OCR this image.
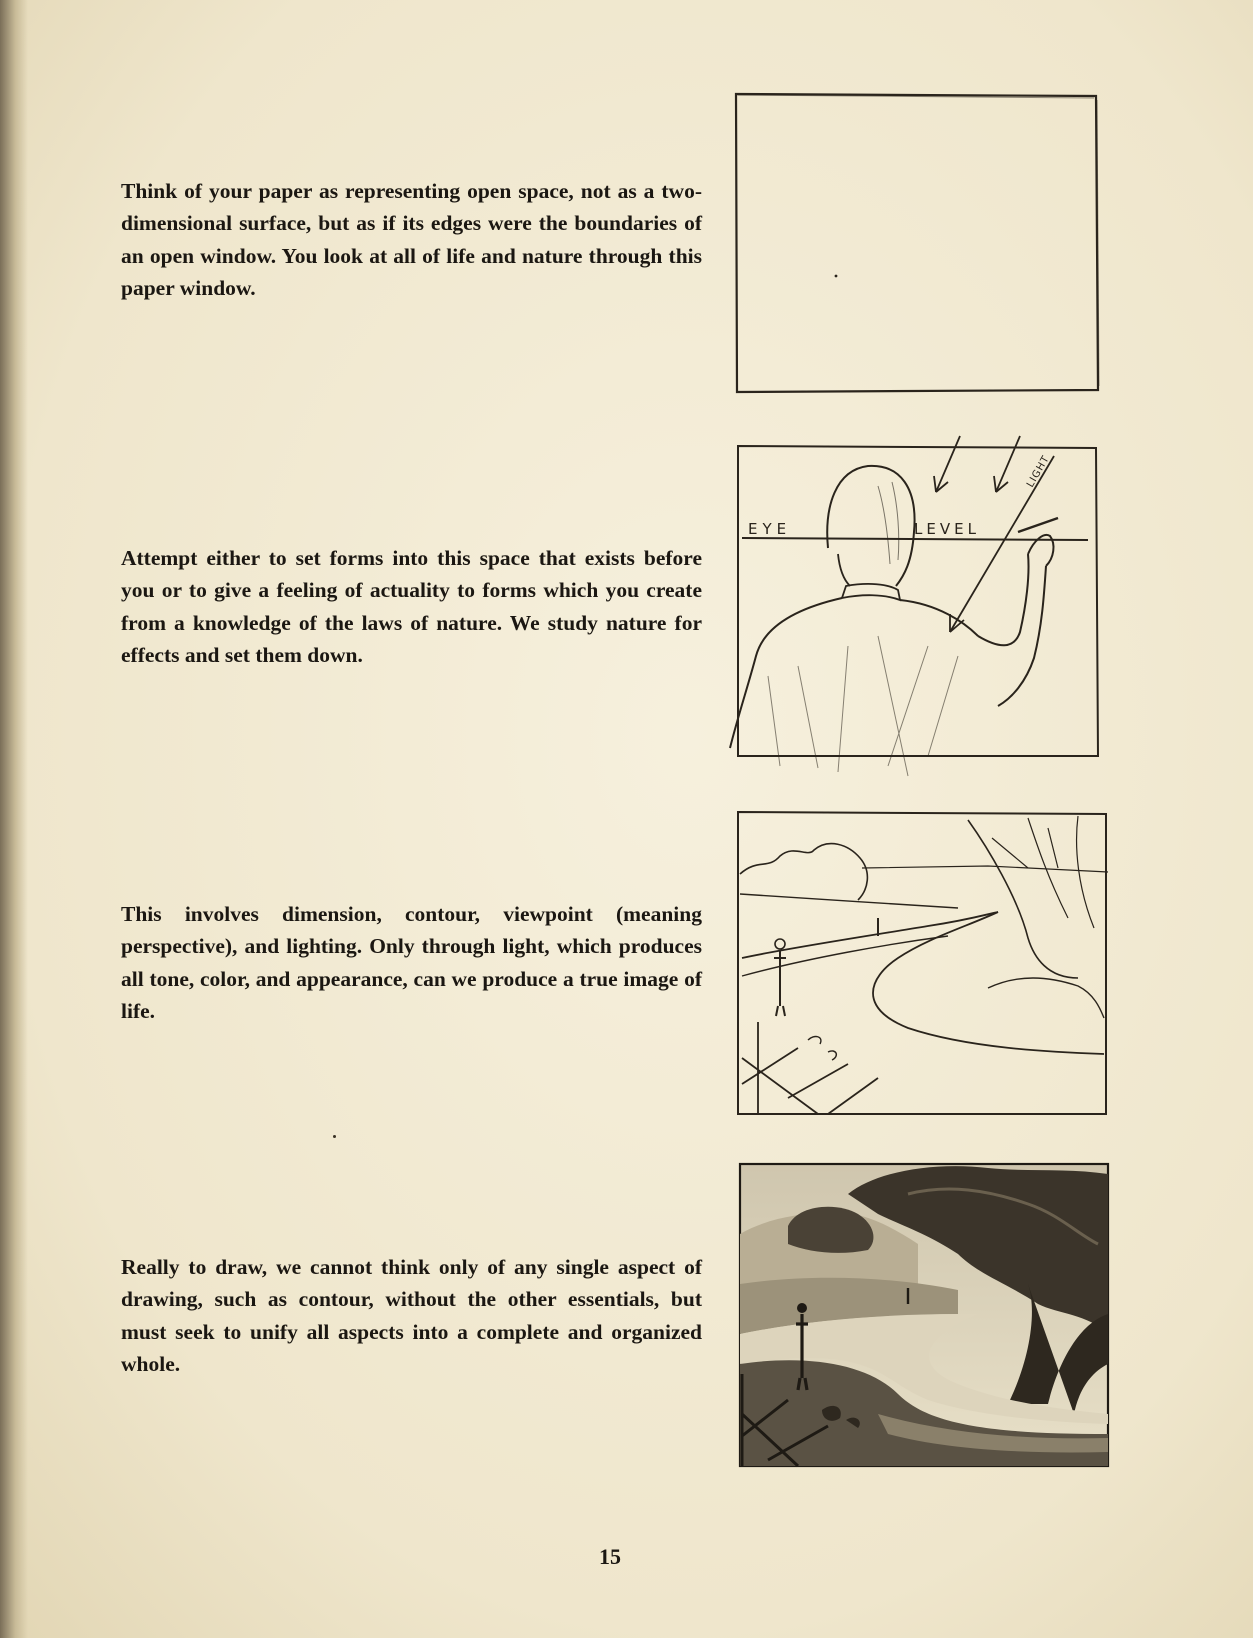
Think of your paper as representing open space, not as a two-dimensional surface, but as if its edges were the boundaries of an open window. You look at all of life and nature through this paper window.

Attempt either to set forms into this space that exists before you or to give a feeling of actuality to forms which you create from a knowledge of the laws of nature. We study nature for effects and set them down.

This involves dimension, contour, viewpoint (meaning perspective), and lighting. Only through light, which produces all tone, color, and appearance, can we produce a true image of life.

Really to draw, we cannot think only of any single aspect of drawing, such as contour, without the other essentials, but must seek to unify all aspects into a complete and organized whole.

EYE	LEVEL
LIGHT
15
